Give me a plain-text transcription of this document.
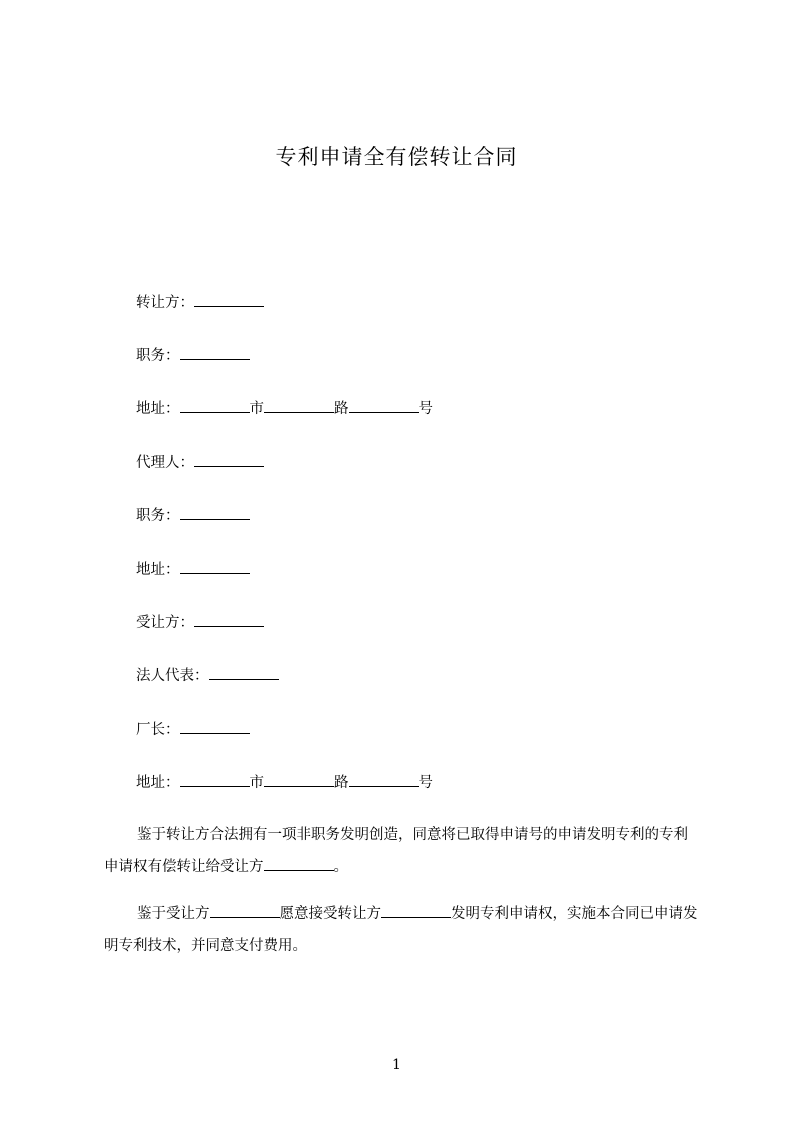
专利申请全有偿转让合同
转让方：
职务：
地址：	市	路	号
代理人：
职务：
地址：
受让方：
法人代表：
厂长：
地址：	市	路	号
鉴于转让方合法拥有一项非职务发明创造，同意将已取得申请号的申请发明专利的专利申请权有偿转让给受让方	。
鉴于受让方	愿意接受转让方	发明专利申请权，实施本合同已申请发明专利技术，并同意支付费用。
1
